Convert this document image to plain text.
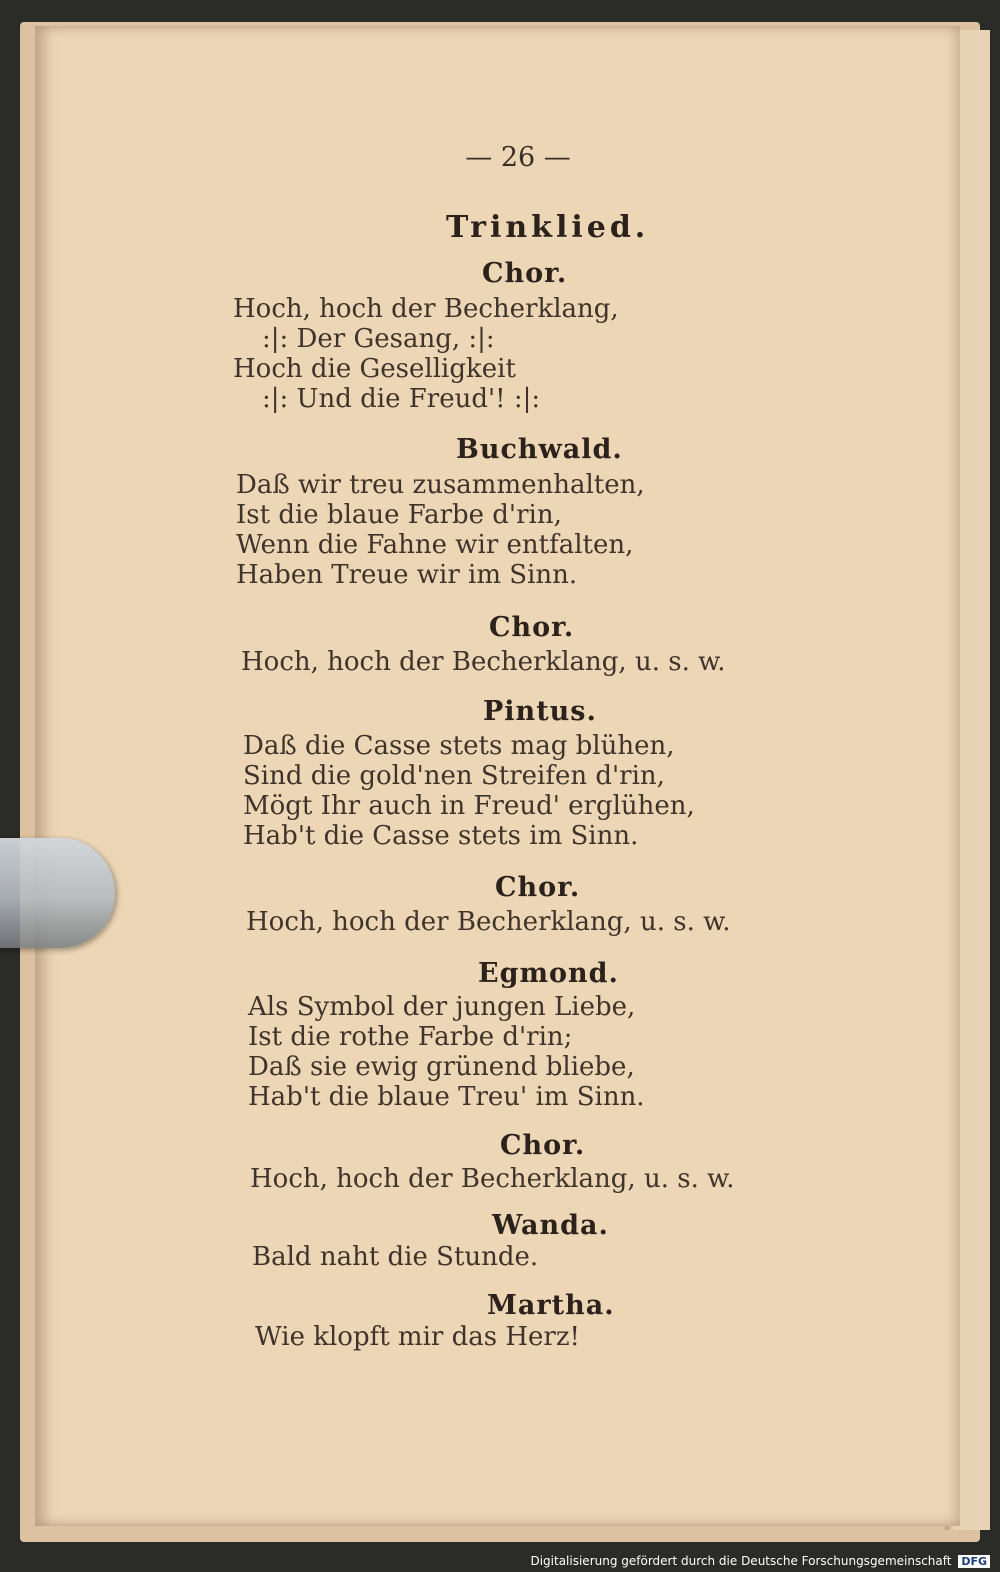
— 26 —
Trinklied.
Chor.
Hoch, hoch der Becherklang,
:|: Der Gesang, :|:
Hoch die Geselligkeit
:|: Und die Freud'! :|:
Buchwald.
Daß wir treu zusammenhalten,
Ist die blaue Farbe d'rin,
Wenn die Fahne wir entfalten,
Haben Treue wir im Sinn.
Chor.
Hoch, hoch der Becherklang, u. s. w.
Pintus.
Daß die Casse stets mag blühen,
Sind die gold'nen Streifen d'rin,
Mögt Ihr auch in Freud' erglühen,
Hab't die Casse stets im Sinn.
Chor.
Hoch, hoch der Becherklang, u. s. w.
Egmond.
Als Symbol der jungen Liebe,
Ist die rothe Farbe d'rin;
Daß sie ewig grünend bliebe,
Hab't die blaue Treu' im Sinn.
Chor.
Hoch, hoch der Becherklang, u. s. w.
Wanda.
Bald naht die Stunde.
Martha.
Wie klopft mir das Herz!
Digitalisierung gefördert durch die Deutsche Forschungsgemeinschaft DFG
